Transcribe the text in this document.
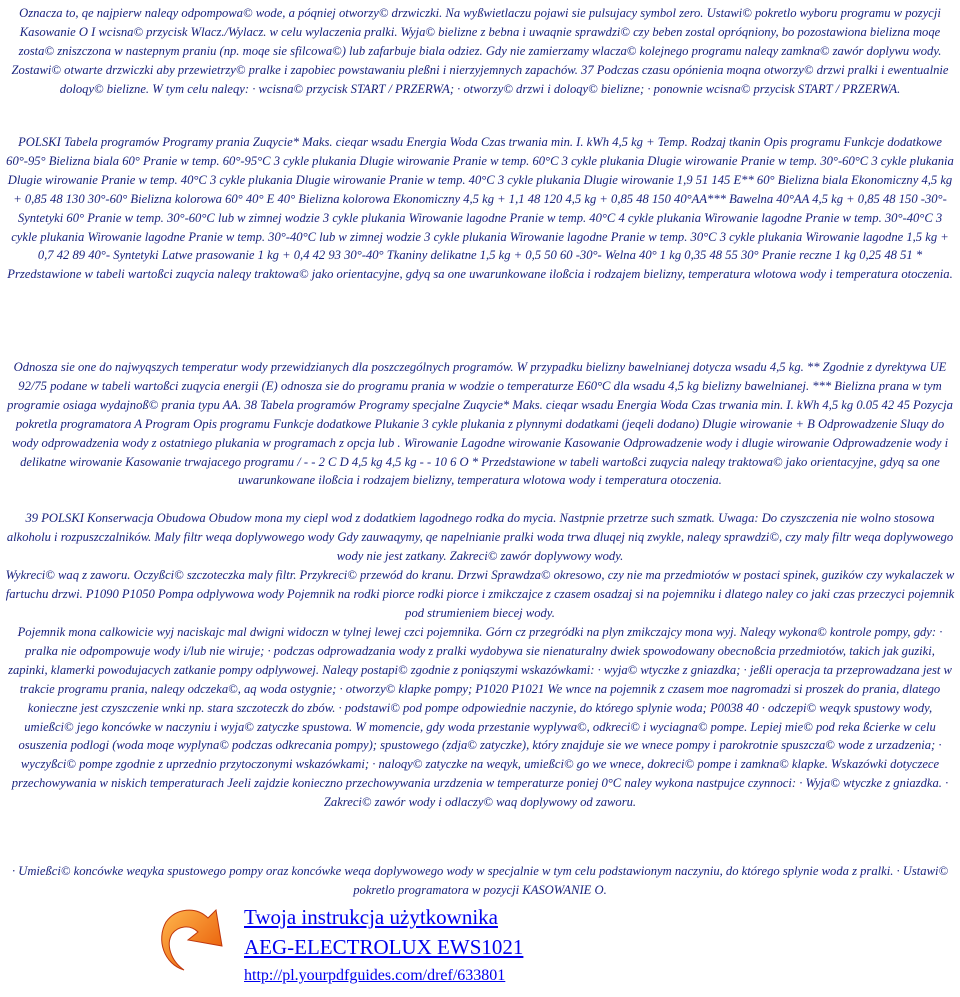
Oznacza to, qe najpierw naleqy odpompowa© wode, a póqniej otworzy© drzwiczki. Na wyßwietlaczu pojawi sie pulsujacy symbol zero. Ustawi© pokretlo wyboru programu w pozycji Kasowanie O I wcisna© przycisk Wlacz./Wylacz. w celu wylaczenia pralki. Wyja© bielizne z bebna i uwaqnie sprawdzi© czy beben zostal opróqniony, bo pozostawiona bielizna moqe zosta© zniszczona w nastepnym praniu (np. moqe sie sfilcowa©) lub zafarbuje biala odziez. Gdy nie zamierzamy wlacza© kolejnego programu naleqy zamkna© zawór doplywu wody. Zostawi© otwarte drzwiczki aby przewietrzy© pralke i zapobiec powstawaniu pleßni i nierzyjemnych zapachów. 37 Podczas czasu opónienia moqna otworzy© drzwi pralki i ewentualnie doloqy© bielizne. W tym celu naleqy: · wcisna© przycisk START / PRZERWA; · otworzy© drzwi i doloqy© bielizne; · ponownie wcisna© przycisk START / PRZERWA.

POLSKI Tabela programów Programy prania Zuqycie* Maks. cieqar wsadu Energia Woda Czas trwania min. I. kWh 4,5 kg + Temp. Rodzaj tkanin Opis programu Funkcje dodatkowe 60°-95° Bielizna biala 60° Pranie w temp. 60°-95°C 3 cykle plukania Dlugie wirowanie Pranie w temp. 60°C 3 cykle plukania Dlugie wirowanie Pranie w temp. 30°-60°C 3 cykle plukania Dlugie wirowanie Pranie w temp. 40°C 3 cykle plukania Dlugie wirowanie Pranie w temp. 40°C 3 cykle plukania Dlugie wirowanie 1,9 51 145 E** 60° Bielizna biala Ekonomiczny 4,5 kg + 0,85 48 130 30°-60° Bielizna kolorowa 60° 40° E 40° Bielizna kolorowa Ekonomiczny 4,5 kg + 1,1 48 120 4,5 kg + 0,85 48 150 40°AA*** Bawelna 40°AA 4,5 kg + 0,85 48 150 -30°- Syntetyki 60° Pranie w temp. 30°-60°C lub w zimnej wodzie 3 cykle plukania Wirowanie lagodne Pranie w temp. 40°C 4 cykle plukania Wirowanie lagodne Pranie w temp. 30°-40°C 3 cykle plukania Wirowanie lagodne Pranie w temp. 30°-40°C lub w zimnej wodzie 3 cykle plukania Wirowanie lagodne Pranie w temp. 30°C 3 cykle plukania Wirowanie lagodne 1,5 kg + 0,7 42 89 40°- Syntetyki Latwe prasowanie 1 kg + 0,4 42 93 30°-40° Tkaniny delikatne 1,5 kg + 0,5 50 60 -30°- Welna 40° 1 kg 0,35 48 55 30° Pranie reczne 1 kg 0,25 48 51 * Przedstawione w tabeli wartoßci zuqycia naleqy traktowa© jako orientacyjne, gdyq sa one uwarunkowane iloßcia i rodzajem bielizny, temperatura wlotowa wody i temperatura otoczenia.

Odnosza sie one do najwyqszych temperatur wody przewidzianych dla poszczególnych programów. W przypadku bielizny bawelnianej dotycza wsadu 4,5 kg. ** Zgodnie z dyrektywa UE 92/75 podane w tabeli wartoßci zuqycia energii (E) odnosza sie do programu prania w wodzie o temperaturze E60°C dla wsadu 4,5 kg bielizny bawelnianej. *** Bielizna prana w tym programie osiaga wydajnoß© prania typu AA. 38 Tabela programów Programy specjalne Zuqycie* Maks. cieqar wsadu Energia Woda Czas trwania min. I. kWh 4,5 kg 0.05 42 45 Pozycja pokretla programatora A Program Opis programu Funkcje dodatkowe Plukanie 3 cykle plukania z plynnymi dodatkami (jeqeli dodano) Dlugie wirowanie + B Odprowadzenie Sluqy do wody odprowadzenia wody z ostatniego plukania w programach z opcja lub . Wirowanie Lagodne wirowanie Kasowanie Odprowadzenie wody i dlugie wirowanie Odprowadzenie wody i delikatne wirowanie Kasowanie trwajacego programu / - - 2 C D 4,5 kg 4,5 kg - - 10 6 O * Przedstawione w tabeli wartoßci zuqycia naleqy traktowa© jako orientacyjne, gdyq sa one uwarunkowane iloßcia i rodzajem bielizny, temperatura wlotowa wody i temperatura otoczenia.

39 POLSKI Konserwacja Obudowa Obudow mona my ciepl wod z dodatkiem lagodnego rodka do mycia. Nastpnie przetrze such szmatk. Uwaga: Do czyszczenia nie wolno stosowa alkoholu i rozpuszczalników. Maly filtr weqa doplywowego wody Gdy zauwaqymy, qe napelnianie pralki woda trwa dluqej niq zwykle, naleqy sprawdzi©, czy maly filtr weqa doplywowego wody nie jest zatkany. Zakreci© zawór doplywowy wody.

Wykreci© waq z zaworu. Oczyßci© szczoteczka maly filtr. Przykreci© przewód do kranu. Drzwi Sprawdza© okresowo, czy nie ma przedmiotów w postaci spinek, guzików czy wykalaczek w fartuchu drzwi. P1090 P1050 Pompa odplywowa wody Pojemnik na rodki piorce rodki piorce i zmikczajce z czasem osadzaj si na pojemniku i dlatego naley co jaki czas przeczyci pojemnik pod strumieniem biecej wody.

Pojemnik mona calkowicie wyj naciskajc mal dwigni widoczn w tylnej lewej czci pojemnika. Górn cz przegródki na plyn zmikczajcy mona wyj. Naleqy wykona© kontrole pompy, gdy: · pralka nie odpompowuje wody i/lub nie wiruje; · podczas odprowadzania wody z pralki wydobywa sie nienaturalny dwiek spowodowany obecnoßcia przedmiotów, takich jak guziki, zapinki, klamerki powodujacych zatkanie pompy odplywowej. Naleqy postapi© zgodnie z poniqszymi wskazówkami: · wyja© wtyczke z gniazdka; · jeßli operacja ta przeprowadzana jest w trakcie programu prania, naleqy odczeka©, aq woda ostygnie; · otworzy© klapke pompy; P1020 P1021 We wnce na pojemnik z czasem moe nagromadzi si proszek do prania, dlatego konieczne jest czyszczenie wnki np. stara szczoteczk do zbów. · podstawi© pod pompe odpowiednie naczynie, do którego splynie woda; P0038 40 · odczepi© weqyk spustowy wody, umießci© jego koncówke w naczyniu i wyja© zatyczke spustowa. W momencie, gdy woda przestanie wyplywa©, odkreci© i wyciagna© pompe. Lepiej mie© pod reka ßcierke w celu osuszenia podlogi (woda moqe wyplyna© podczas odkrecania pompy); spustowego (zdja© zatyczke), który znajduje sie we wnece pompy i parokrotnie spuszcza© wode z urzadzenia; · wyczyßci© pompe zgodnie z uprzednio przytoczonymi wskazówkami; · naloqy© zatyczke na weqyk, umießci© go we wnece, dokreci© pompe i zamkna© klapke. Wskazówki dotyczece przechowywania w niskich temperaturach Jeeli zajdzie konieczno przechowywania urzdzenia w temperaturze poniej 0°C naley wykona nastpujce czynnoci: · Wyja© wtyczke z gniazdka. · Zakreci© zawór wody i odlaczy© waq doplywowy od zaworu.

· Umießci© koncówke weqyka spustowego pompy oraz koncówke weqa doplywowego wody w specjalnie w tym celu podstawionym naczyniu, do którego splynie woda z pralki. · Ustawi© pokretlo programatora w pozycji KASOWANIE O.

Twoja instrukcja użytkownika
AEG-ELECTROLUX EWS1021
http://pl.yourpdfguides.com/dref/633801
